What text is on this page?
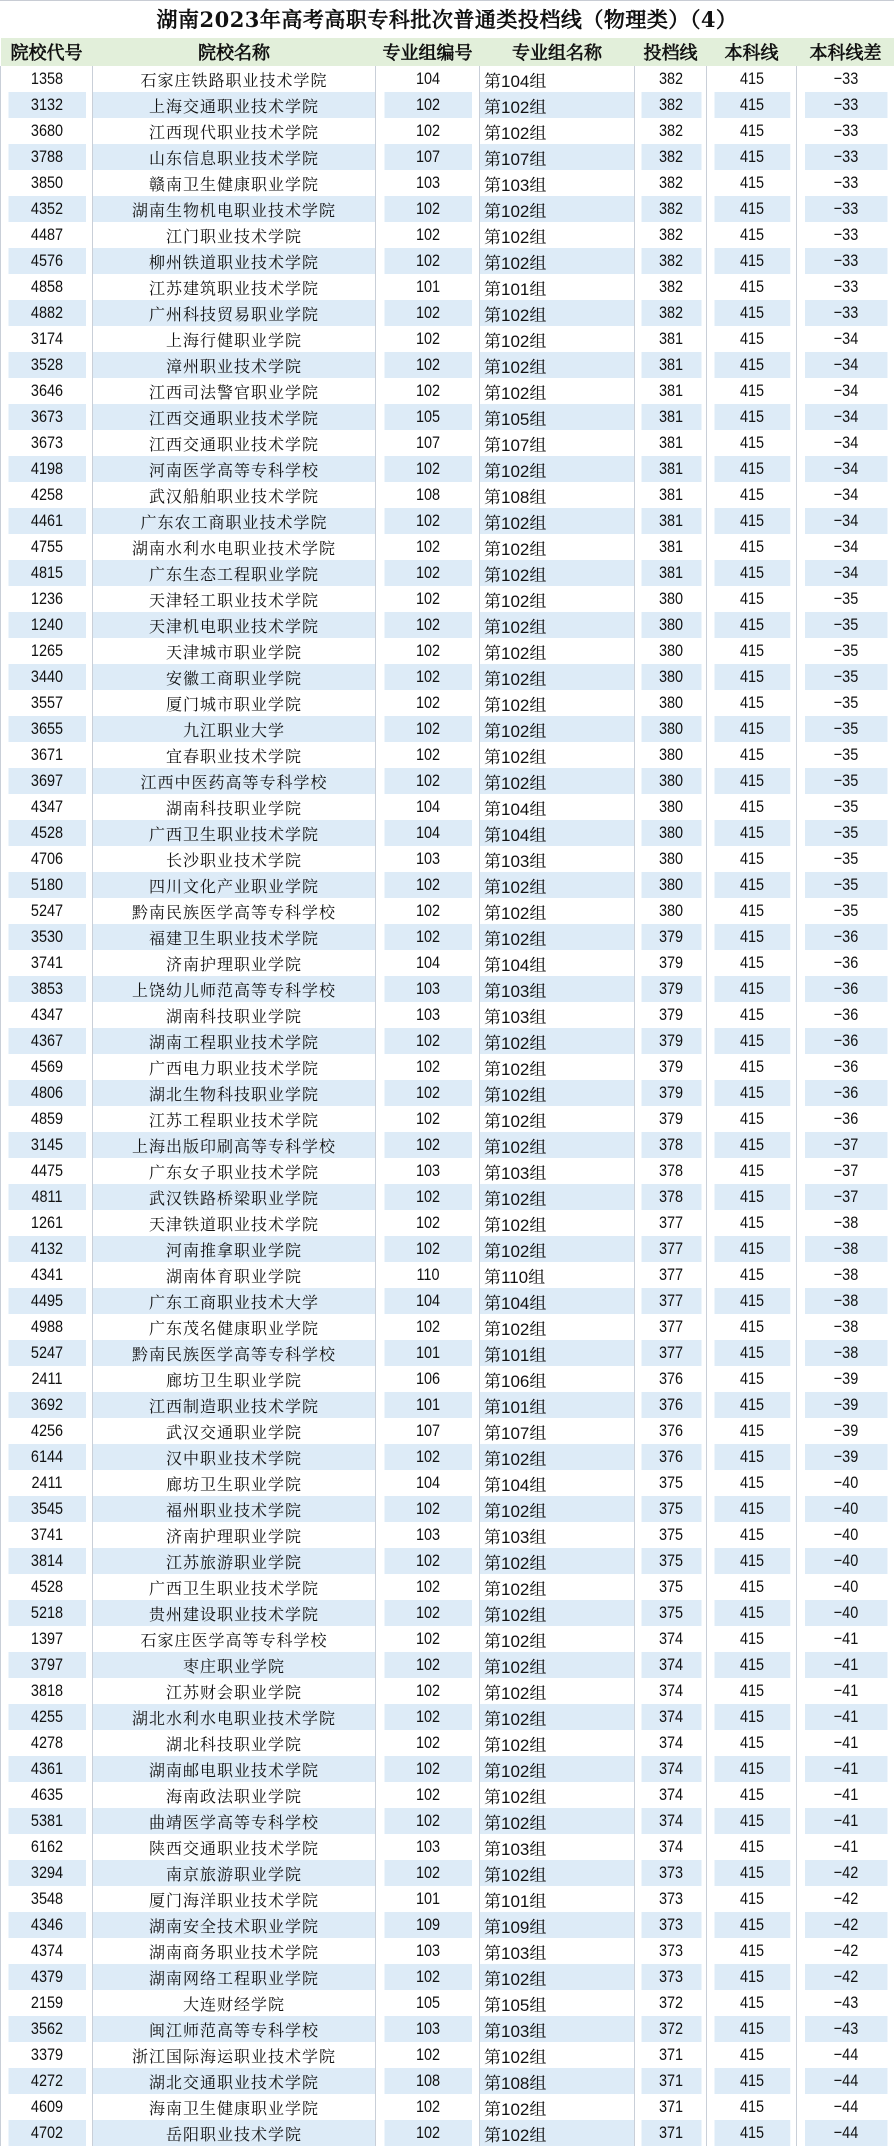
湖南2023年高考高职专科批次普通类投档线（物理类）（4）
院校代号	院校名称	专业组编号	专业组名称	投档线	本科线	本科线差
1358	石家庄铁路职业技术学院	104	第104组	382	415	−33
3132	上海交通职业技术学院	102	第102组	382	415	−33
3680	江西现代职业技术学院	102	第102组	382	415	−33
3788	山东信息职业技术学院	107	第107组	382	415	−33
3850	赣南卫生健康职业学院	103	第103组	382	415	−33
4352	湖南生物机电职业技术学院	102	第102组	382	415	−33
4487	江门职业技术学院	102	第102组	382	415	−33
4576	柳州铁道职业技术学院	102	第102组	382	415	−33
4858	江苏建筑职业技术学院	101	第101组	382	415	−33
4882	广州科技贸易职业学院	102	第102组	382	415	−33
3174	上海行健职业学院	102	第102组	381	415	−34
3528	漳州职业技术学院	102	第102组	381	415	−34
3646	江西司法警官职业学院	102	第102组	381	415	−34
3673	江西交通职业技术学院	105	第105组	381	415	−34
3673	江西交通职业技术学院	107	第107组	381	415	−34
4198	河南医学高等专科学校	102	第102组	381	415	−34
4258	武汉船舶职业技术学院	108	第108组	381	415	−34
4461	广东农工商职业技术学院	102	第102组	381	415	−34
4755	湖南水利水电职业技术学院	102	第102组	381	415	−34
4815	广东生态工程职业学院	102	第102组	381	415	−34
1236	天津轻工职业技术学院	102	第102组	380	415	−35
1240	天津机电职业技术学院	102	第102组	380	415	−35
1265	天津城市职业学院	102	第102组	380	415	−35
3440	安徽工商职业学院	102	第102组	380	415	−35
3557	厦门城市职业学院	102	第102组	380	415	−35
3655	九江职业大学	102	第102组	380	415	−35
3671	宜春职业技术学院	102	第102组	380	415	−35
3697	江西中医药高等专科学校	102	第102组	380	415	−35
4347	湖南科技职业学院	104	第104组	380	415	−35
4528	广西卫生职业技术学院	104	第104组	380	415	−35
4706	长沙职业技术学院	103	第103组	380	415	−35
5180	四川文化产业职业学院	102	第102组	380	415	−35
5247	黔南民族医学高等专科学校	102	第102组	380	415	−35
3530	福建卫生职业技术学院	102	第102组	379	415	−36
3741	济南护理职业学院	104	第104组	379	415	−36
3853	上饶幼儿师范高等专科学校	103	第103组	379	415	−36
4347	湖南科技职业学院	103	第103组	379	415	−36
4367	湖南工程职业技术学院	102	第102组	379	415	−36
4569	广西电力职业技术学院	102	第102组	379	415	−36
4806	湖北生物科技职业学院	102	第102组	379	415	−36
4859	江苏工程职业技术学院	102	第102组	379	415	−36
3145	上海出版印刷高等专科学校	102	第102组	378	415	−37
4475	广东女子职业技术学院	103	第103组	378	415	−37
4811	武汉铁路桥梁职业学院	102	第102组	378	415	−37
1261	天津铁道职业技术学院	102	第102组	377	415	−38
4132	河南推拿职业学院	102	第102组	377	415	−38
4341	湖南体育职业学院	110	第110组	377	415	−38
4495	广东工商职业技术大学	104	第104组	377	415	−38
4988	广东茂名健康职业学院	102	第102组	377	415	−38
5247	黔南民族医学高等专科学校	101	第101组	377	415	−38
2411	廊坊卫生职业学院	106	第106组	376	415	−39
3692	江西制造职业技术学院	101	第101组	376	415	−39
4256	武汉交通职业学院	107	第107组	376	415	−39
6144	汉中职业技术学院	102	第102组	376	415	−39
2411	廊坊卫生职业学院	104	第104组	375	415	−40
3545	福州职业技术学院	102	第102组	375	415	−40
3741	济南护理职业学院	103	第103组	375	415	−40
3814	江苏旅游职业学院	102	第102组	375	415	−40
4528	广西卫生职业技术学院	102	第102组	375	415	−40
5218	贵州建设职业技术学院	102	第102组	375	415	−40
1397	石家庄医学高等专科学校	102	第102组	374	415	−41
3797	枣庄职业学院	102	第102组	374	415	−41
3818	江苏财会职业学院	102	第102组	374	415	−41
4255	湖北水利水电职业技术学院	102	第102组	374	415	−41
4278	湖北科技职业学院	102	第102组	374	415	−41
4361	湖南邮电职业技术学院	102	第102组	374	415	−41
4635	海南政法职业学院	102	第102组	374	415	−41
5381	曲靖医学高等专科学校	102	第102组	374	415	−41
6162	陕西交通职业技术学院	103	第103组	374	415	−41
3294	南京旅游职业学院	102	第102组	373	415	−42
3548	厦门海洋职业技术学院	101	第101组	373	415	−42
4346	湖南安全技术职业学院	109	第109组	373	415	−42
4374	湖南商务职业技术学院	103	第103组	373	415	−42
4379	湖南网络工程职业学院	102	第102组	373	415	−42
2159	大连财经学院	105	第105组	372	415	−43
3562	闽江师范高等专科学校	103	第103组	372	415	−43
3379	浙江国际海运职业技术学院	102	第102组	371	415	−44
4272	湖北交通职业技术学院	108	第108组	371	415	−44
4609	海南卫生健康职业学院	102	第102组	371	415	−44
4702	岳阳职业技术学院	102	第102组	371	415	−44
